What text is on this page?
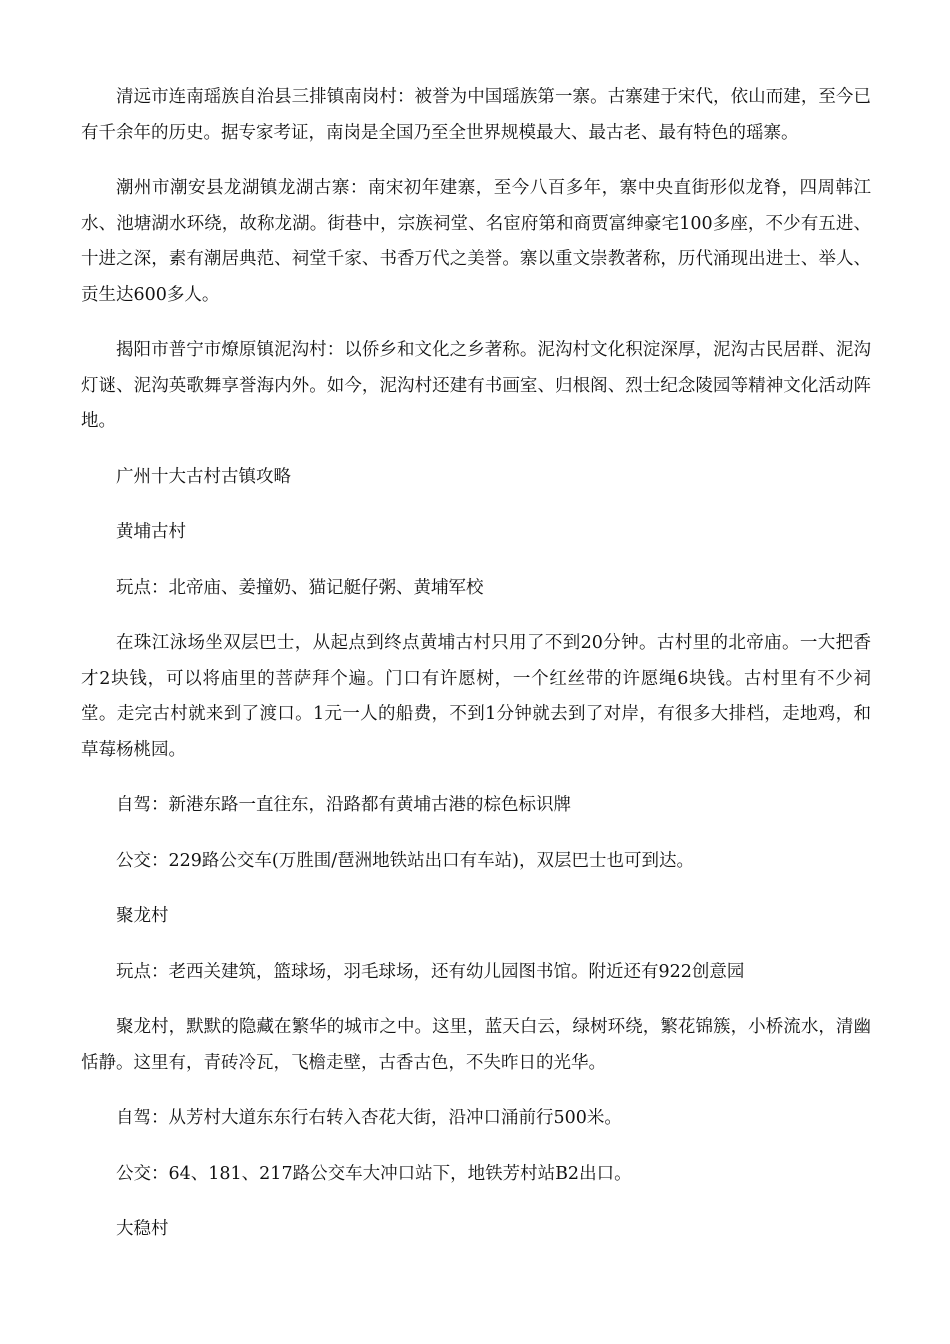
清远市连南瑶族自治县三排镇南岗村：被誉为中国瑶族第一寨。古寨建于宋代，依山而建，至今已有千余年的历史。据专家考证，南岗是全国乃至全世界规模最大、最古老、最有特色的瑶寨。

潮州市潮安县龙湖镇龙湖古寨：南宋初年建寨，至今八百多年，寨中央直街形似龙脊，四周韩江水、池塘湖水环绕，故称龙湖。街巷中，宗族祠堂、名宦府第和商贾富绅豪宅100多座，不少有五进、十进之深，素有潮居典范、祠堂千家、书香万代之美誉。寨以重文崇教著称，历代涌现出进士、举人、贡生达600多人。

揭阳市普宁市燎原镇泥沟村：以侨乡和文化之乡著称。泥沟村文化积淀深厚，泥沟古民居群、泥沟灯谜、泥沟英歌舞享誉海内外。如今，泥沟村还建有书画室、归根阁、烈士纪念陵园等精神文化活动阵地。

广州十大古村古镇攻略

黄埔古村

玩点：北帝庙、姜撞奶、猫记艇仔粥、黄埔军校

在珠江泳场坐双层巴士，从起点到终点黄埔古村只用了不到20分钟。古村里的北帝庙。一大把香才2块钱，可以将庙里的菩萨拜个遍。门口有许愿树，一个红丝带的许愿绳6块钱。古村里有不少祠堂。走完古村就来到了渡口。1元一人的船费，不到1分钟就去到了对岸，有很多大排档，走地鸡，和草莓杨桃园。

自驾：新港东路一直往东，沿路都有黄埔古港的棕色标识牌

公交：229路公交车(万胜围/琶洲地铁站出口有车站)，双层巴士也可到达。

聚龙村

玩点：老西关建筑，篮球场，羽毛球场，还有幼儿园图书馆。附近还有922创意园

聚龙村，默默的隐藏在繁华的城市之中。这里，蓝天白云，绿树环绕，繁花锦簇，小桥流水，清幽恬静。这里有，青砖冷瓦，飞檐走壁，古香古色，不失昨日的光华。

自驾：从芳村大道东东行右转入杏花大街，沿冲口涌前行500米。

公交：64、181、217路公交车大冲口站下，地铁芳村站B2出口。

大稳村
